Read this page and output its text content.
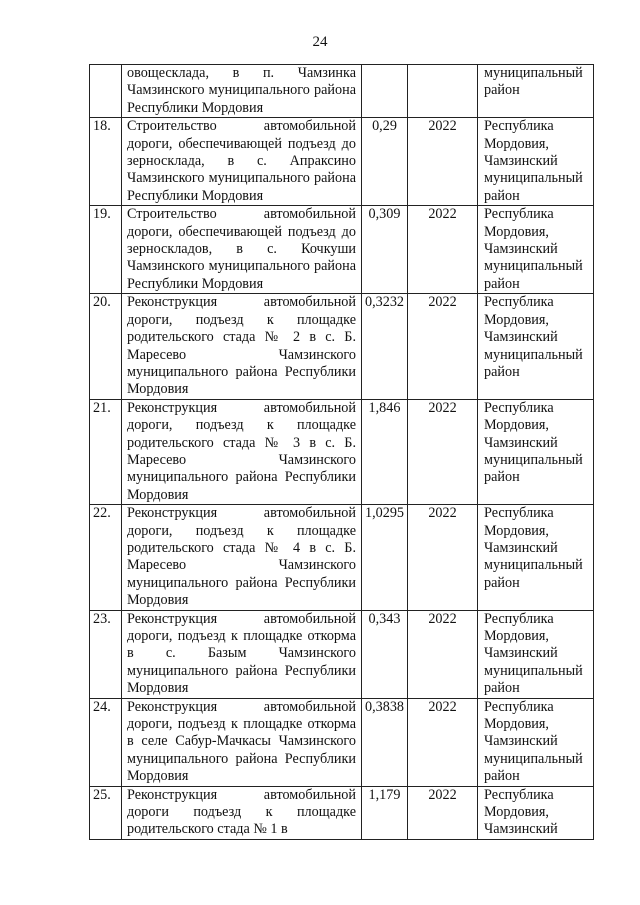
24
	овощесклада, в п. Чамзинка Чамзинского муниципального района Республики Мордовия			муниципальный район
18.	Строительство автомобильной дороги, обеспечивающей подъезд до зерносклада, в с. Апраксино Чамзинского муниципального района Республики Мордовия	0,29	2022	Республика Мордовия, Чамзинский муниципальный район
19.	Строительство автомобильной дороги, обеспечивающей подъезд до зерноскладов, в с. Кочкуши Чамзинского муниципального района Республики Мордовия	0,309	2022	Республика Мордовия, Чамзинский муниципальный район
20.	Реконструкция автомобильной дороги, подъезд к площадке родительского стада № 2 в с. Б. Маресево Чамзинского муниципального района Республики Мордовия	0,3232	2022	Республика Мордовия, Чамзинский муниципальный район
21.	Реконструкция автомобильной дороги, подъезд к площадке родительского стада № 3 в с. Б. Маресево Чамзинского муниципального района Республики Мордовия	1,846	2022	Республика Мордовия, Чамзинский муниципальный район
22.	Реконструкция автомобильной дороги, подъезд к площадке родительского стада № 4 в с. Б. Маресево Чамзинского муниципального района Республики Мордовия	1,0295	2022	Республика Мордовия, Чамзинский муниципальный район
23.	Реконструкция автомобильной дороги, подъезд к площадке откорма в с. Базым Чамзинского муниципального района Республики Мордовия	0,343	2022	Республика Мордовия, Чамзинский муниципальный район
24.	Реконструкция автомобильной дороги, подъезд к площадке откорма в селе Сабур-Мачкасы Чамзинского муниципального района Республики Мордовия	0,3838	2022	Республика Мордовия, Чамзинский муниципальный район
25.	Реконструкция автомобильной дороги подъезд к площадке родительского стада № 1 в	1,179	2022	Республика Мордовия, Чамзинский
